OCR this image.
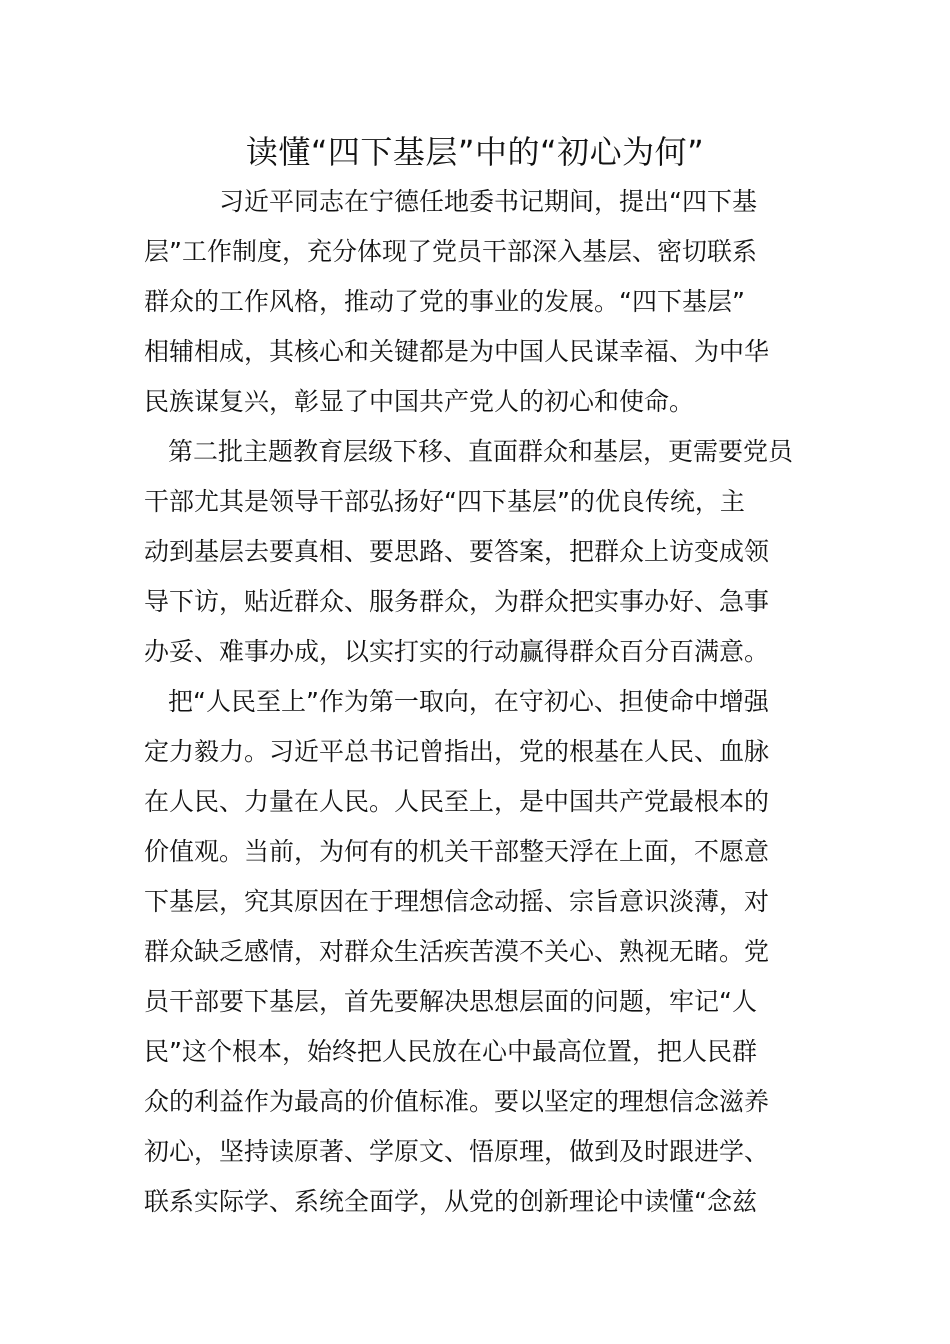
读懂“四下基层”中的“初心为何”

习近平同志在宁德任地委书记期间，提出“四下基

层”工作制度，充分体现了党员干部深入基层、密切联系

群众的工作风格，推动了党的事业的发展。“四下基层”

相辅相成，其核心和关键都是为中国人民谋幸福、为中华

民族谋复兴，彰显了中国共产党人的初心和使命。

第二批主题教育层级下移、直面群众和基层，更需要党员

干部尤其是领导干部弘扬好“四下基层”的优良传统，主

动到基层去要真相、要思路、要答案，把群众上访变成领

导下访，贴近群众、服务群众，为群众把实事办好、急事

办妥、难事办成，以实打实的行动赢得群众百分百满意。

把“人民至上”作为第一取向，在守初心、担使命中增强

定力毅力。习近平总书记曾指出，党的根基在人民、血脉

在人民、力量在人民。人民至上，是中国共产党最根本的

价值观。当前，为何有的机关干部整天浮在上面，不愿意

下基层，究其原因在于理想信念动摇、宗旨意识淡薄，对

群众缺乏感情，对群众生活疾苦漠不关心、熟视无睹。党

员干部要下基层，首先要解决思想层面的问题，牢记“人

民”这个根本，始终把人民放在心中最高位置，把人民群

众的利益作为最高的价值标准。要以坚定的理想信念滋养

初心，坚持读原著、学原文、悟原理，做到及时跟进学、

联系实际学、系统全面学，从党的创新理论中读懂“念兹
